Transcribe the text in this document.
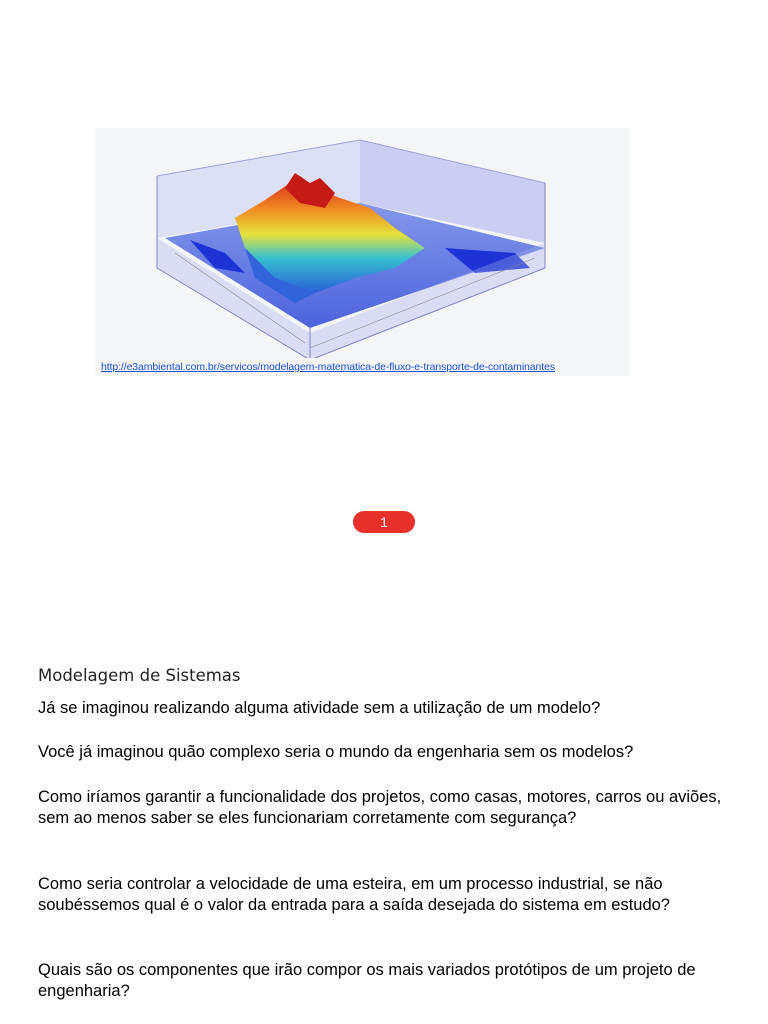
http://e3ambiental.com.br/servicos/modelagem-matematica-de-fluxo-e-transporte-de-contaminantes
1
Modelagem de Sistemas
Já se imaginou realizando alguma atividade sem a utilização de um modelo?
Você já imaginou quão complexo seria o mundo da engenharia sem os modelos?
Como iríamos garantir a funcionalidade dos projetos, como casas, motores, carros ou aviões, sem ao menos saber se eles funcionariam corretamente com segurança?
Como seria controlar a velocidade de uma esteira, em um processo industrial, se não soubéssemos qual é o valor da entrada para a saída desejada do sistema em estudo?
Quais são os componentes que irão compor os mais variados protótipos de um projeto de engenharia?
